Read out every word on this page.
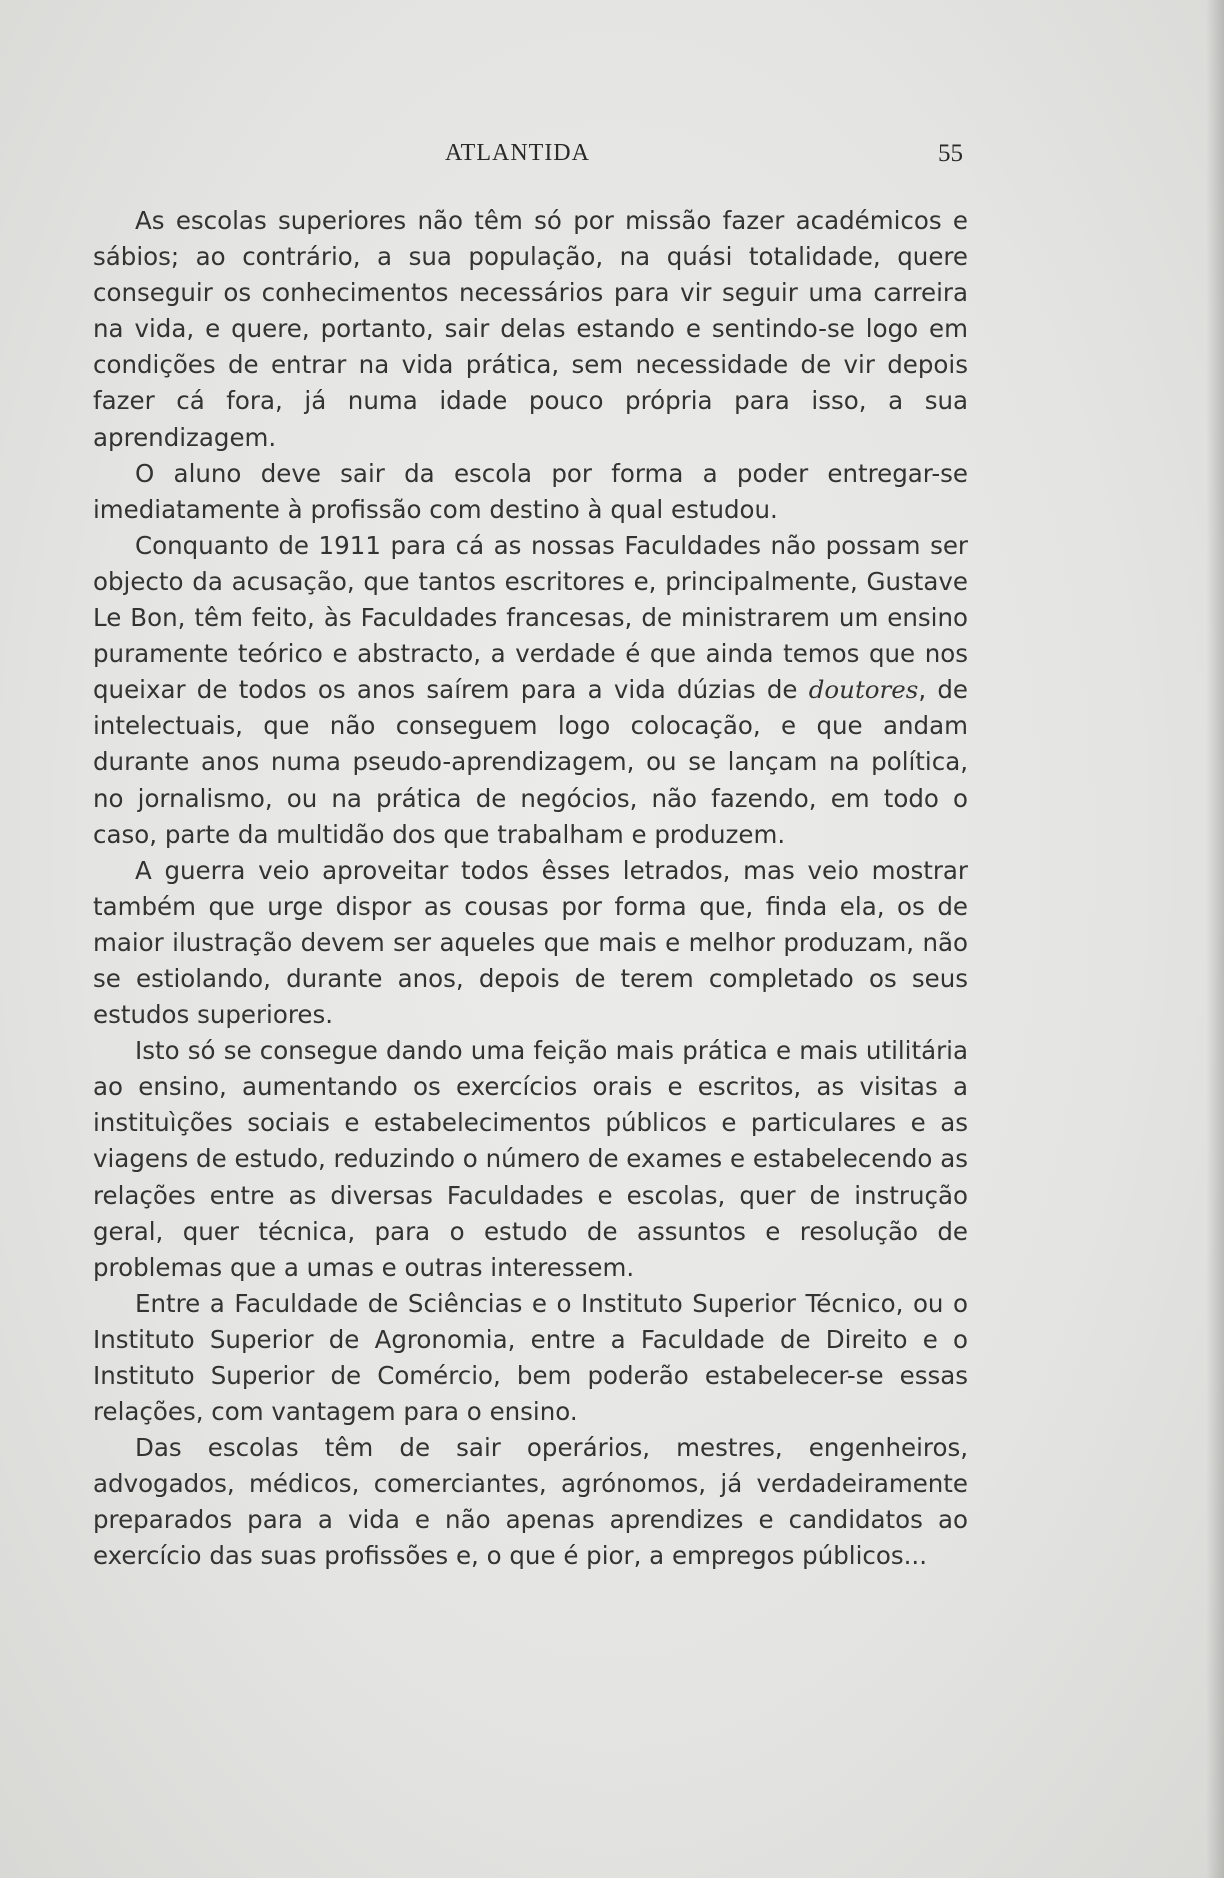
ATLANTIDA	55

As escolas superiores não têm só por missão fazer académicos e sábios; ao contrário, a sua população, na quási totalidade, quere conseguir os conhecimentos necessários para vir seguir uma carreira na vida, e quere, portanto, sair delas estando e sentindo-se logo em condições de entrar na vida prática, sem necessidade de vir depois fazer cá fora, já numa idade pouco própria para isso, a sua aprendizagem.

O aluno deve sair da escola por forma a poder entregar-se imediatamente à profissão com destino à qual estudou.

Conquanto de 1911 para cá as nossas Faculdades não possam ser objecto da acusação, que tantos escritores e, principalmente, Gustave Le Bon, têm feito, às Faculdades francesas, de ministrarem um ensino puramente teórico e abstracto, a verdade é que ainda temos que nos queixar de todos os anos saírem para a vida dúzias de doutores, de intelectuais, que não conseguem logo colocação, e que andam durante anos numa pseudo-aprendizagem, ou se lançam na política, no jornalismo, ou na prática de negócios, não fazendo, em todo o caso, parte da multidão dos que trabalham e produzem.

A guerra veio aproveitar todos êsses letrados, mas veio mostrar também que urge dispor as cousas por forma que, finda ela, os de maior ilustração devem ser aqueles que mais e melhor produzam, não se estiolando, durante anos, depois de terem completado os seus estudos superiores.

Isto só se consegue dando uma feição mais prática e mais utilitária ao ensino, aumentando os exercícios orais e escritos, as visitas a instituìções sociais e estabelecimentos públicos e particulares e as viagens de estudo, reduzindo o número de exames e estabelecendo as relações entre as diversas Faculdades e escolas, quer de instrução geral, quer técnica, para o estudo de assuntos e resolução de problemas que a umas e outras interessem.

Entre a Faculdade de Sciências e o Instituto Superior Técnico, ou o Instituto Superior de Agronomia, entre a Faculdade de Direito e o Instituto Superior de Comércio, bem poderão estabelecer-se essas relações, com vantagem para o ensino.

Das escolas têm de sair operários, mestres, engenheiros, advogados, médicos, comerciantes, agrónomos, já verdadeiramente preparados para a vida e não apenas aprendizes e candidatos ao exercício das suas profissões e, o que é pior, a empregos públicos...
